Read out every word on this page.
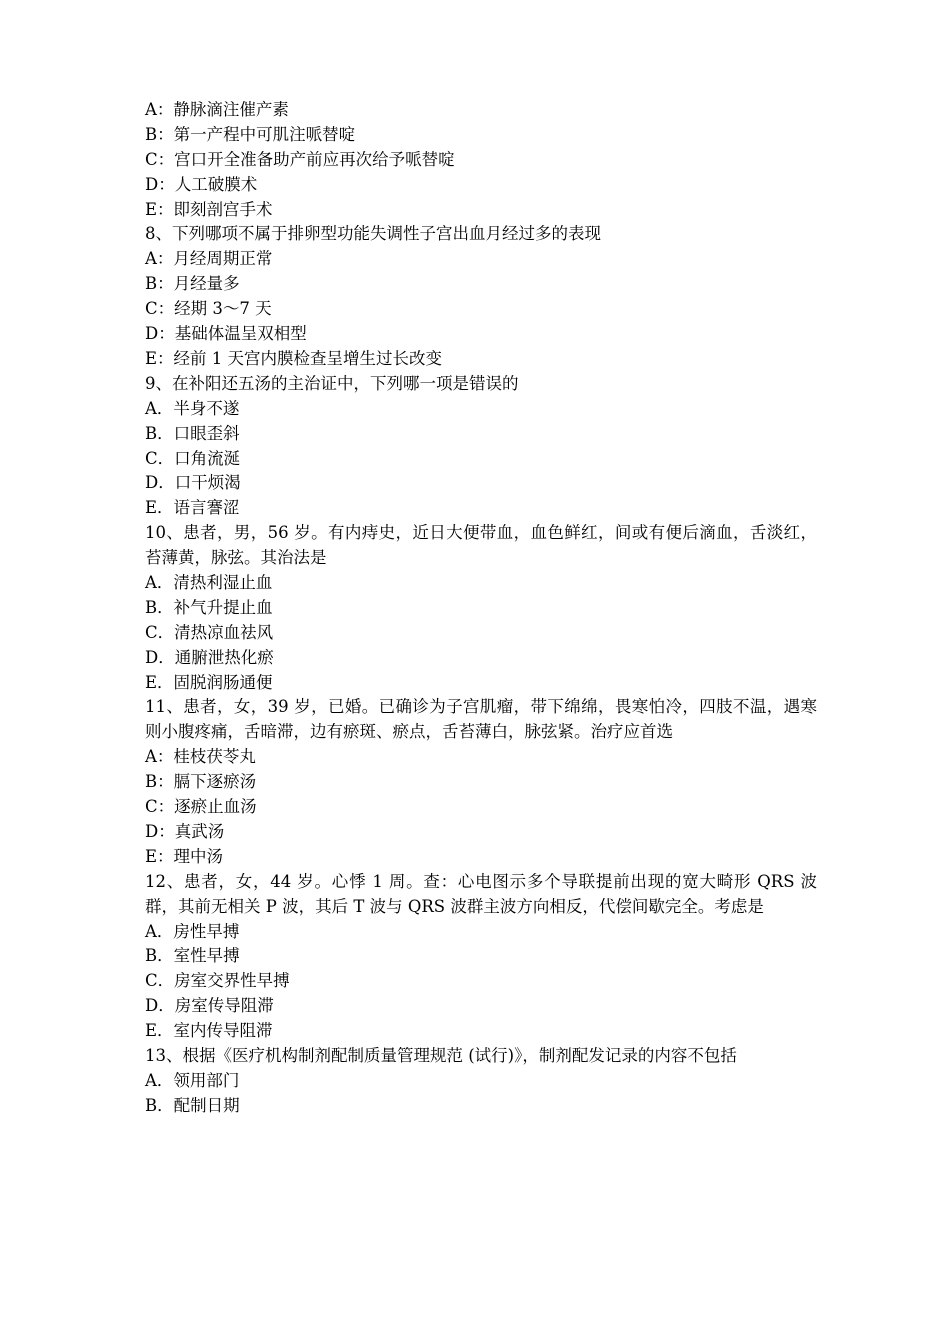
A：静脉滴注催产素
B：第一产程中可肌注哌替啶
C：宫口开全准备助产前应再次给予哌替啶
D：人工破膜术
E：即刻剖宫手术
8、下列哪项不属于排卵型功能失调性子宫出血月经过多的表现
A：月经周期正常
B：月经量多
C：经期 3～7 天
D：基础体温呈双相型
E：经前 1 天宫内膜检查呈增生过长改变
9、在补阳还五汤的主治证中，下列哪一项是错误的
A．半身不遂
B．口眼歪斜
C．口角流涎
D．口干烦渴
E．语言謇涩
10、患者，男，56 岁。有内痔史，近日大便带血，血色鲜红，间或有便后滴血，舌淡红，苔薄黄，脉弦。其治法是
A．清热利湿止血
B．补气升提止血
C．清热凉血祛风
D．通腑泄热化瘀
E．固脱润肠通便
11、患者，女，39 岁，已婚。已确诊为子宫肌瘤，带下绵绵，畏寒怕冷，四肢不温，遇寒则小腹疼痛，舌暗滞，边有瘀斑、瘀点，舌苔薄白，脉弦紧。治疗应首选
A：桂枝茯苓丸
B：膈下逐瘀汤
C：逐瘀止血汤
D：真武汤
E：理中汤
12、患者，女，44 岁。心悸 1 周。查：心电图示多个导联提前出现的宽大畸形 QRS 波群，其前无相关 P 波，其后 T 波与 QRS 波群主波方向相反，代偿间歇完全。考虑是
A．房性早搏
B．室性早搏
C．房室交界性早搏
D．房室传导阻滞
E．室内传导阻滞
13、根据《医疗机构制剂配制质量管理规范 (试行)》，制剂配发记录的内容不包括
A．领用部门
B．配制日期
